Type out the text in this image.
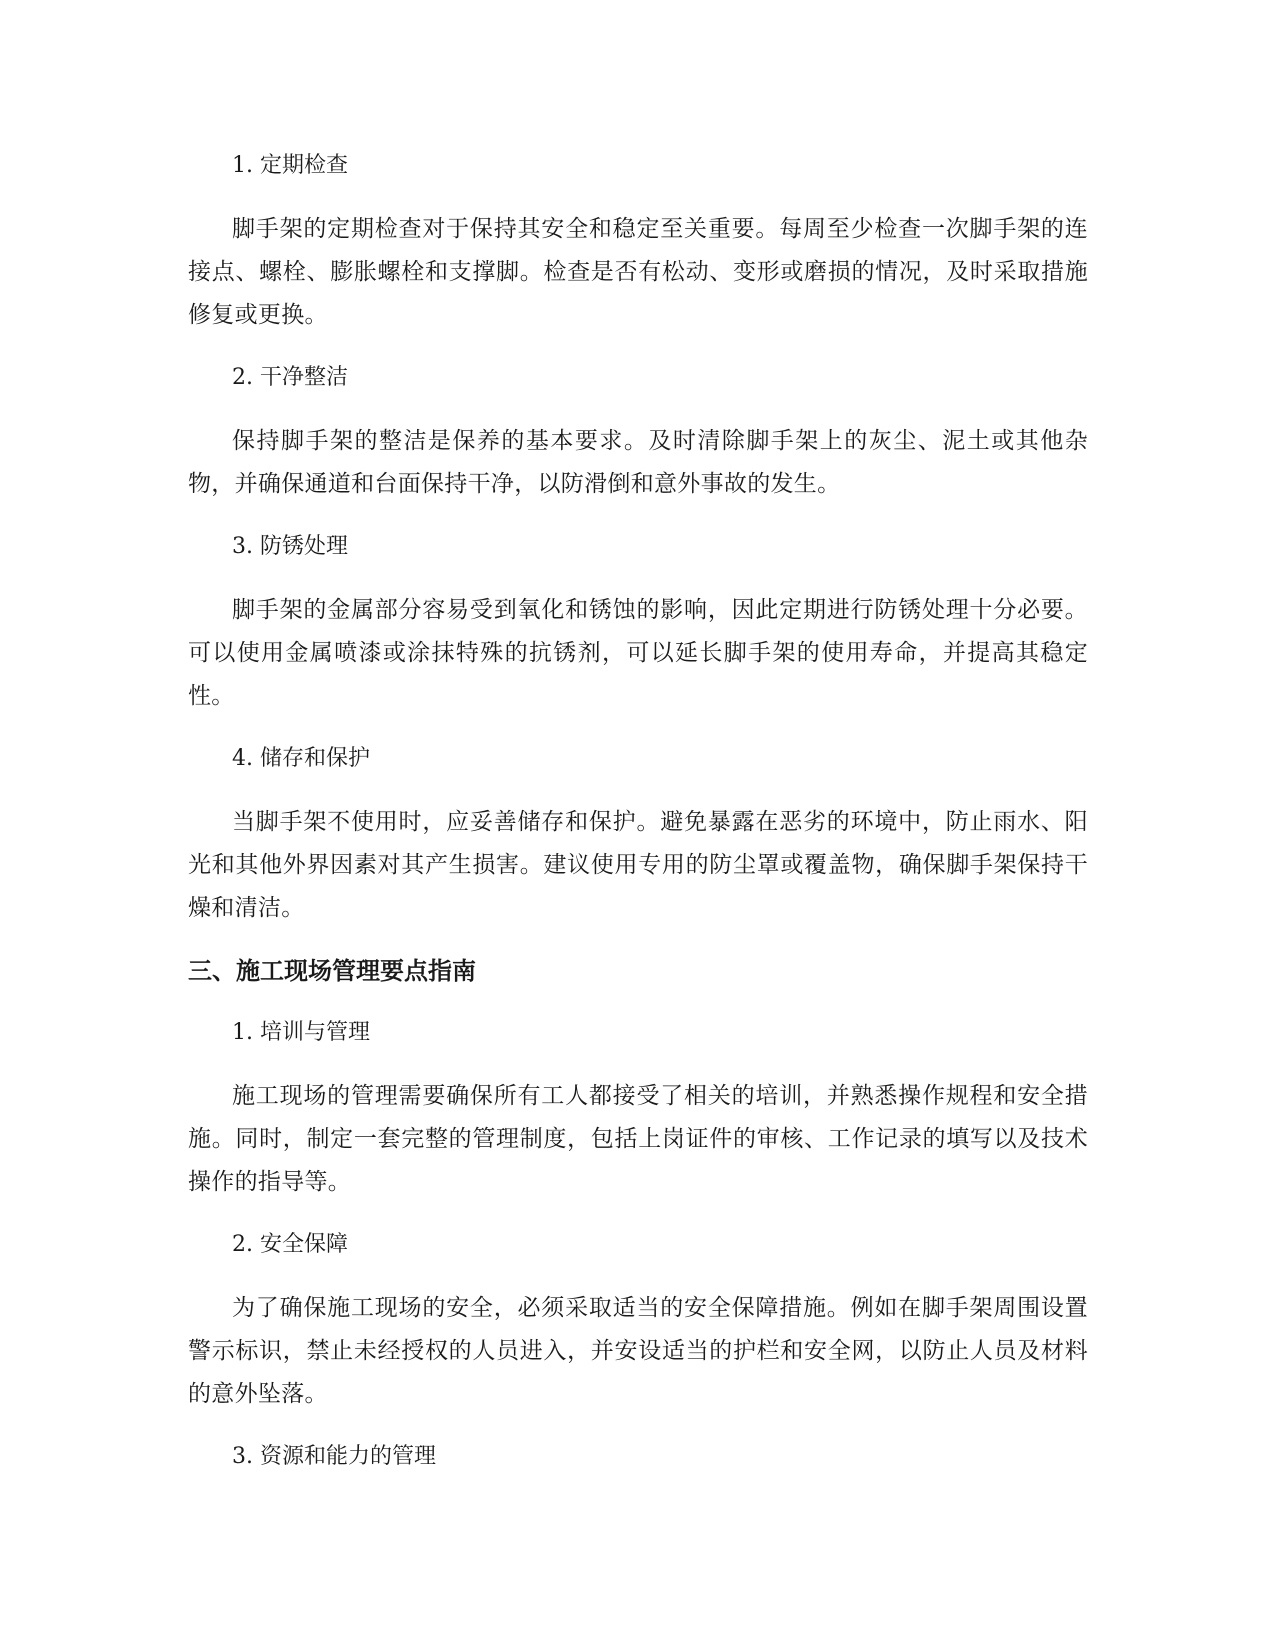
1. 定期检查

脚手架的定期检查对于保持其安全和稳定至关重要。每周至少检查一次脚手架的连接点、螺栓、膨胀螺栓和支撑脚。检查是否有松动、变形或磨损的情况，及时采取措施修复或更换。

2. 干净整洁

保持脚手架的整洁是保养的基本要求。及时清除脚手架上的灰尘、泥土或其他杂物，并确保通道和台面保持干净，以防滑倒和意外事故的发生。

3. 防锈处理

脚手架的金属部分容易受到氧化和锈蚀的影响，因此定期进行防锈处理十分必要。可以使用金属喷漆或涂抹特殊的抗锈剂，可以延长脚手架的使用寿命，并提高其稳定性。

4. 储存和保护

当脚手架不使用时，应妥善储存和保护。避免暴露在恶劣的环境中，防止雨水、阳光和其他外界因素对其产生损害。建议使用专用的防尘罩或覆盖物，确保脚手架保持干燥和清洁。

三、施工现场管理要点指南
1. 培训与管理

施工现场的管理需要确保所有工人都接受了相关的培训，并熟悉操作规程和安全措施。同时，制定一套完整的管理制度，包括上岗证件的审核、工作记录的填写以及技术操作的指导等。

2. 安全保障

为了确保施工现场的安全，必须采取适当的安全保障措施。例如在脚手架周围设置警示标识，禁止未经授权的人员进入，并安设适当的护栏和安全网，以防止人员及材料的意外坠落。

3. 资源和能力的管理
